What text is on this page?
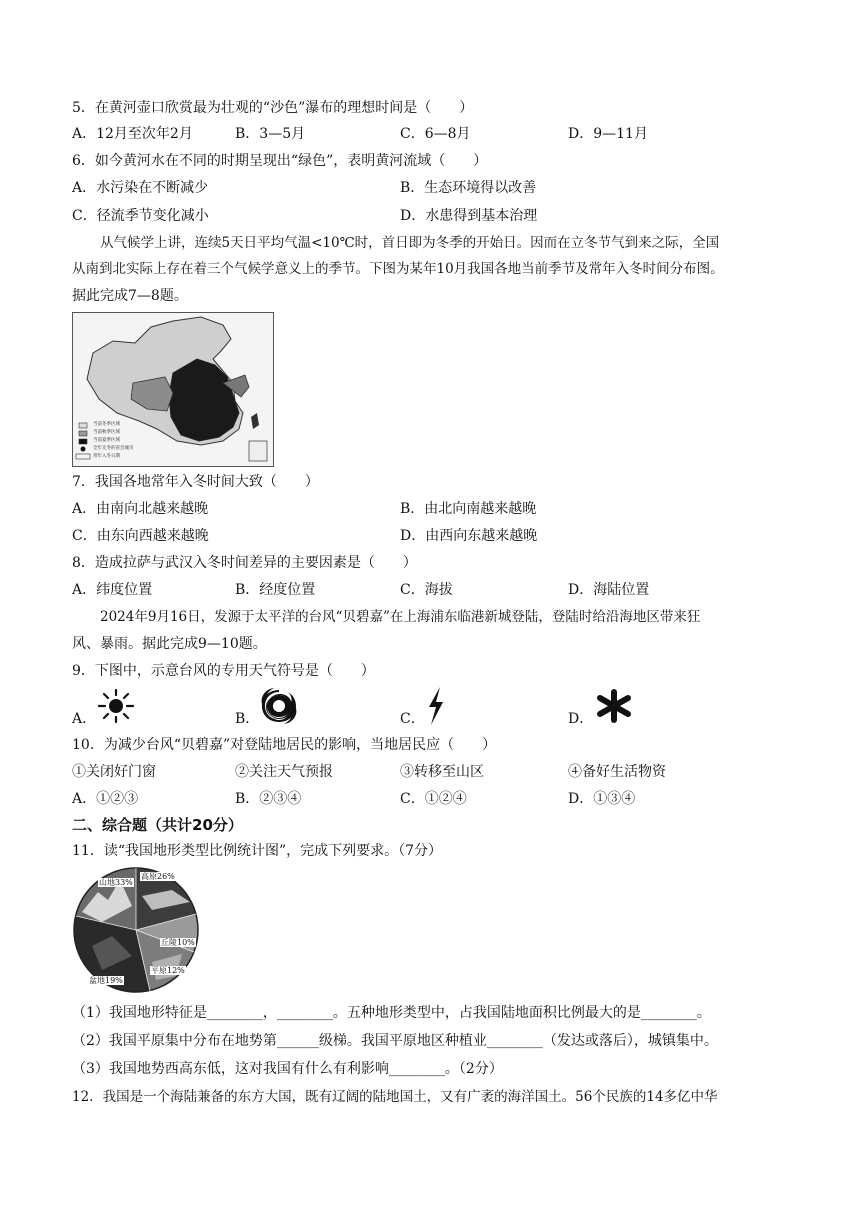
5．在黄河壶口欣赏最为壮观的“沙色”瀑布的理想时间是（　　）
A．12月至次年2月	B．3—5月	C．6—8月	D．9—11月
6．如今黄河水在不同的时期呈现出“绿色”，表明黄河流域（　　）
A．水污染在不断减少	B．生态环境得以改善
C．径流季节变化减小	D．水患得到基本治理
从气候学上讲，连续5天日平均气温<10℃时，首日即为冬季的开始日。因而在立冬节气到来之际，全国
从南到北实际上存在着三个气候学意义上的季节。下图为某年10月我国各地当前季节及常年入冬时间分布图。
据此完成7—8题。
当前冬季区域
当前秋季区域
当前夏季区域
全年无冬的省会城市
常年入冬日期
7．我国各地常年入冬时间大致（　　）
A．由南向北越来越晚	B．由北向南越来越晚
C．由东向西越来越晚	D．由西向东越来越晚
8．造成拉萨与武汉入冬时间差异的主要因素是（　　）
A．纬度位置	B．经度位置	C．海拔	D．海陆位置
2024年9月16日，发源于太平洋的台风“贝碧嘉”在上海浦东临港新城登陆，登陆时给沿海地区带来狂
风、暴雨。据此完成9—10题。
9．下图中，示意台风的专用天气符号是（　　）
A．	B．	C．	D．
10．为减少台风“贝碧嘉”对登陆地居民的影响，当地居民应（　　）
①关闭好门窗	②关注天气预报	③转移至山区	④备好生活物资
A．①②③	B．②③④	C．①②④	D．①③④
二、综合题（共计20分）
11．读“我国地形类型比例统计图”，完成下列要求。（7分）
山地33%
高原26%
丘陵10%
平原12%
盆地19%
（1）我国地形特征是________，________。五种地形类型中，占我国陆地面积比例最大的是________。
（2）我国平原集中分布在地势第______级梯。我国平原地区种植业________（发达或落后），城镇集中。
（3）我国地势西高东低，这对我国有什么有利影响________。（2分）
12．我国是一个海陆兼备的东方大国，既有辽阔的陆地国土，又有广袤的海洋国土。56个民族的14多亿中华
